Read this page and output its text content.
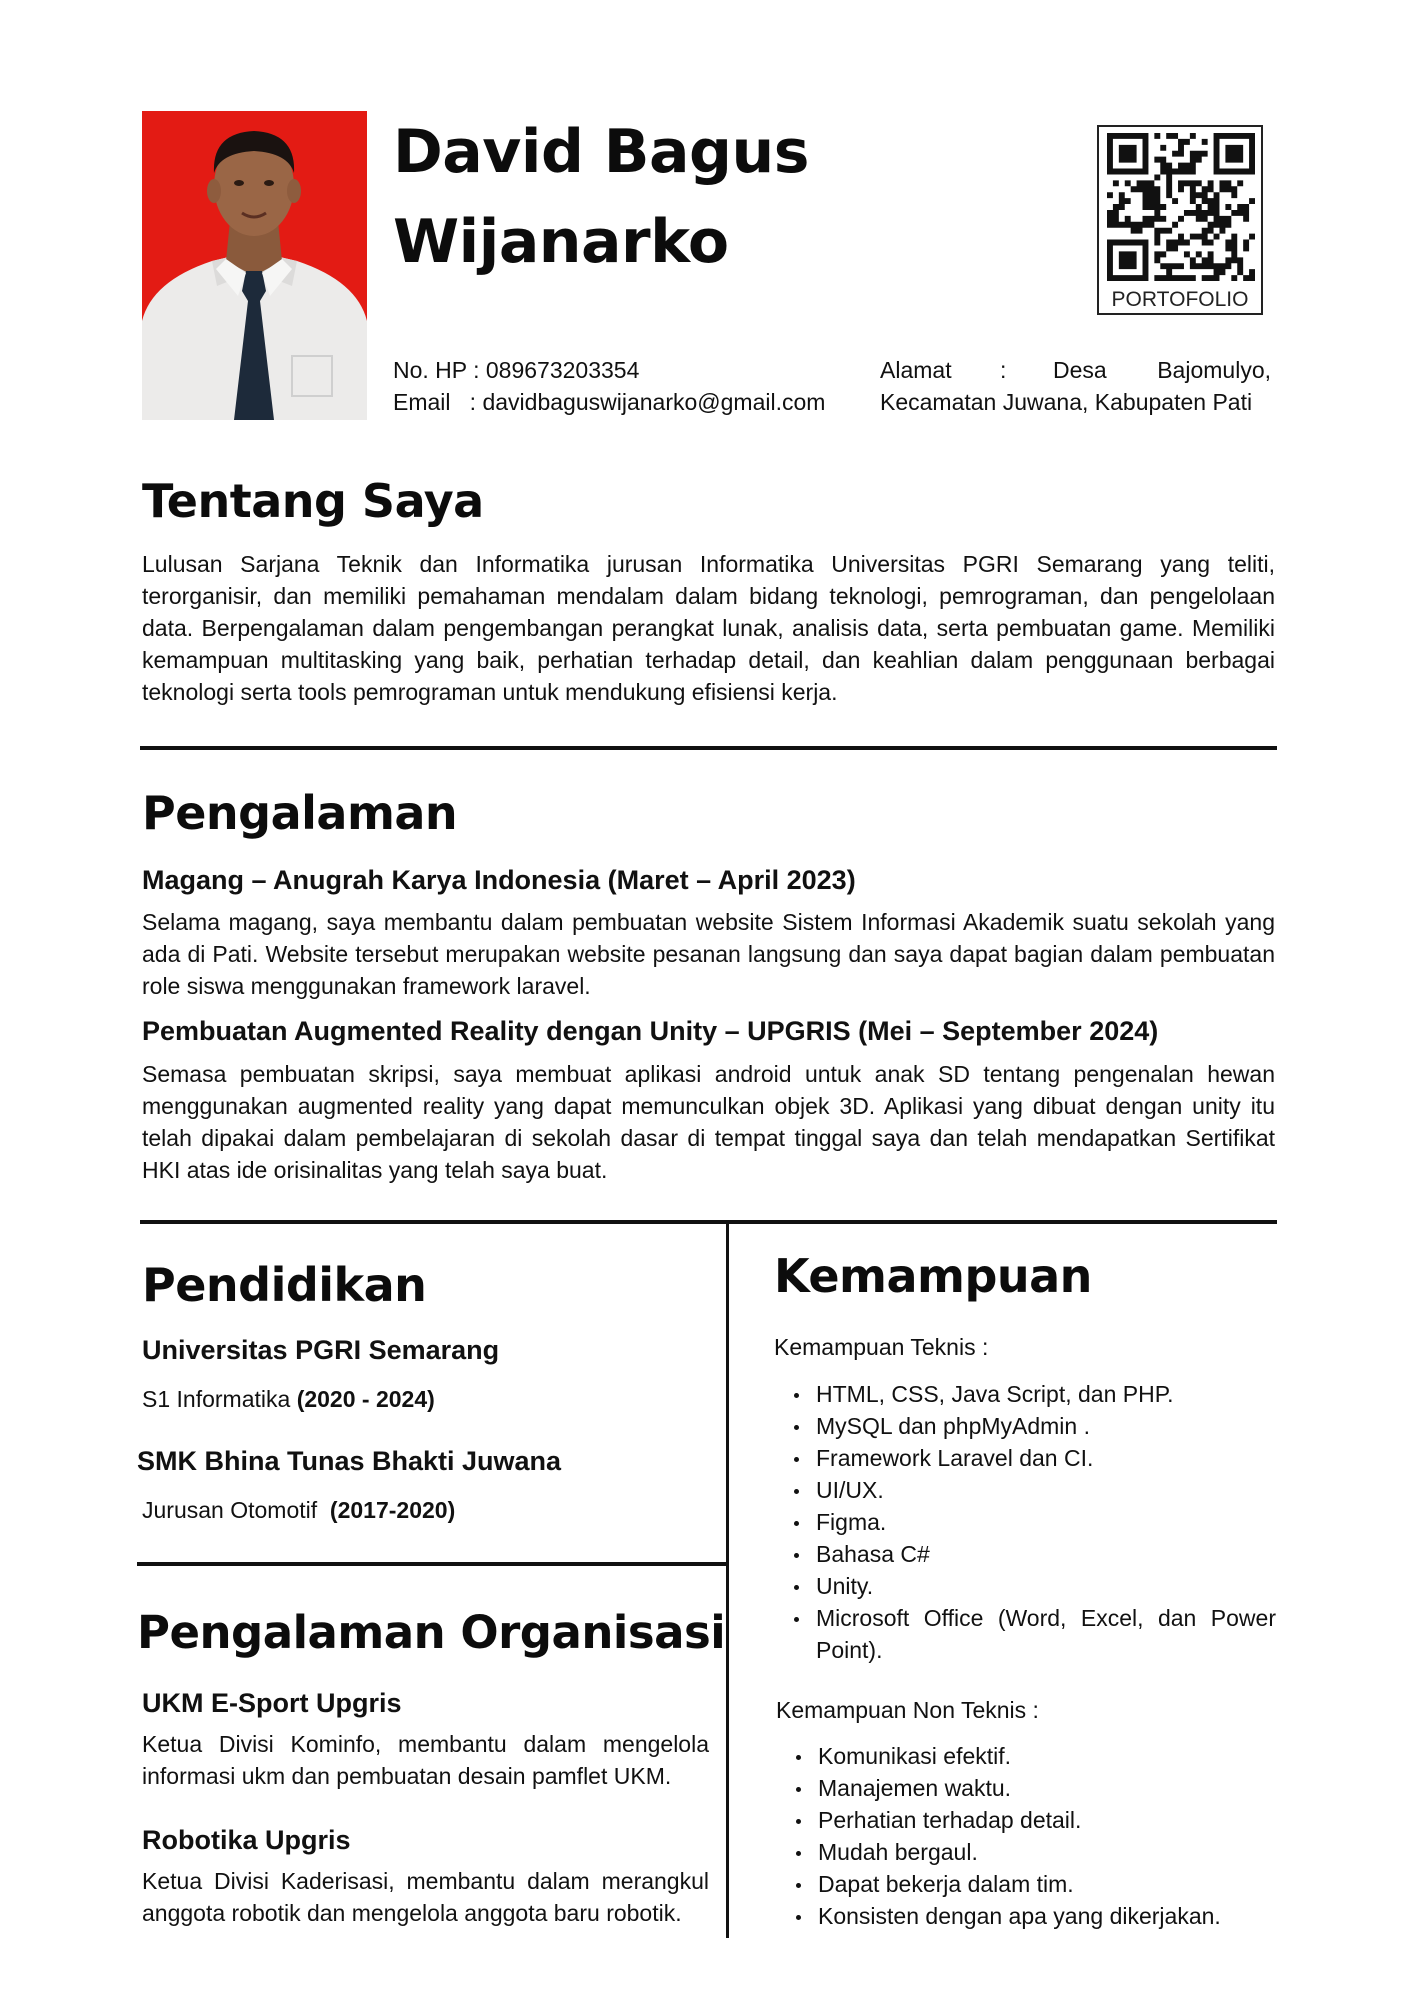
David Bagus
Wijanarko
PORTOFOLIO
No. HP : 089673203354
Email   : davidbaguswijanarko@gmail.com
Alamat : Desa Bajomulyo,
Kecamatan Juwana, Kabupaten Pati
Tentang Saya
Lulusan Sarjana Teknik dan Informatika jurusan Informatika Universitas PGRI Semarang yang teliti, terorganisir, dan memiliki pemahaman mendalam dalam bidang teknologi, pemrograman, dan pengelolaan data. Berpengalaman dalam pengembangan perangkat lunak, analisis data, serta pembuatan game. Memiliki kemampuan multitasking yang baik, perhatian terhadap detail, dan keahlian dalam penggunaan berbagai teknologi serta tools pemrograman untuk mendukung efisiensi kerja.
Pengalaman
Magang – Anugrah Karya Indonesia (Maret – April 2023)
Selama magang, saya membantu dalam pembuatan website Sistem Informasi Akademik suatu sekolah yang ada di Pati. Website tersebut merupakan website pesanan langsung dan saya dapat bagian dalam pembuatan role siswa menggunakan framework laravel.
Pembuatan Augmented Reality dengan Unity – UPGRIS (Mei – September 2024)
Semasa pembuatan skripsi, saya membuat aplikasi android untuk anak SD tentang pengenalan hewan menggunakan augmented reality yang dapat memunculkan objek 3D. Aplikasi yang dibuat dengan unity itu telah dipakai dalam pembelajaran di sekolah dasar di tempat tinggal saya dan telah mendapatkan Sertifikat HKI atas ide orisinalitas yang telah saya buat.
Pendidikan
Universitas PGRI Semarang
S1 Informatika (2020 - 2024)
SMK Bhina Tunas Bhakti Juwana
Jurusan Otomotif  (2017-2020)
Pengalaman Organisasi
UKM E-Sport Upgris
Ketua Divisi Kominfo, membantu dalam mengelola informasi ukm dan pembuatan desain pamflet UKM.
Robotika Upgris
Ketua Divisi Kaderisasi, membantu dalam merangkul anggota robotik dan mengelola anggota baru robotik.
Kemampuan
Kemampuan Teknis :
HTML, CSS, Java Script, dan PHP.
MySQL dan phpMyAdmin .
Framework Laravel dan CI.
UI/UX.
Figma.
Bahasa C#
Unity.
Microsoft Office (Word, Excel, dan Power Point).
Kemampuan Non Teknis :
Komunikasi efektif.
Manajemen waktu.
Perhatian terhadap detail.
Mudah bergaul.
Dapat bekerja dalam tim.
Konsisten dengan apa yang dikerjakan.
